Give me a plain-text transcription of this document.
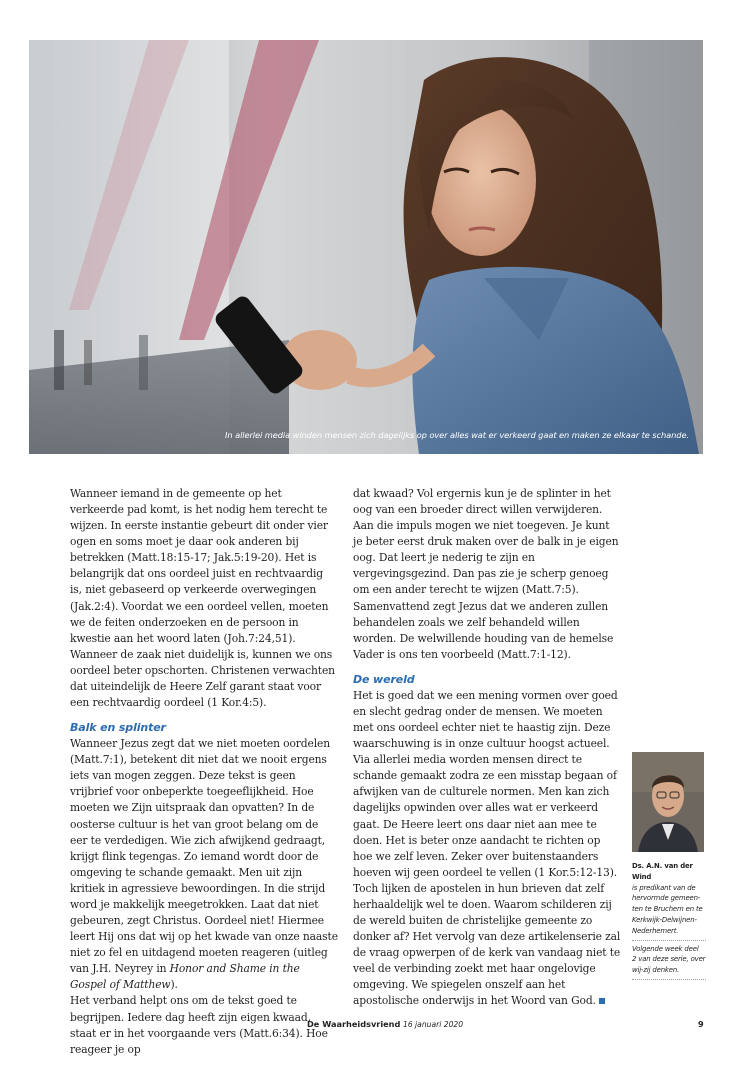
In allerlei media winden mensen zich dagelijks op over alles wat er verkeerd gaat en maken ze elkaar te schande.

Wanneer iemand in de gemeente op het verkeerde pad komt, is het nodig hem terecht te wijzen. In eerste instantie gebeurt dit onder vier ogen en soms moet je daar ook anderen bij betrekken (Matt.18:15-17; Jak.5:19-20). Het is belangrijk dat ons oordeel juist en rechtvaardig is, niet gebaseerd op verkeerde overwegingen (Jak.2:4). Voordat we een oordeel vellen, moeten we de feiten onderzoeken en de persoon in kwestie aan het woord laten (Joh.7:24,51). Wanneer de zaak niet duidelijk is, kunnen we ons oordeel beter opschorten. Christenen verwachten dat uiteindelijk de Heere Zelf garant staat voor een rechtvaardig oordeel (1 Kor.4:5).

Balk en splinter

Wanneer Jezus zegt dat we niet moeten oordelen (Matt.7:1), betekent dit niet dat we nooit ergens iets van mogen zeggen. Deze tekst is geen vrijbrief voor onbeperkte toegeeflijkheid. Hoe moeten we Zijn uitspraak dan opvatten? In de oosterse cultuur is het van groot belang om de eer te verdedigen. Wie zich afwijkend gedraagt, krijgt flink tegengas. Zo iemand wordt door de omgeving te schande gemaakt. Men uit zijn kritiek in agressieve bewoordingen. In die strijd word je makkelijk meegetrokken. Laat dat niet gebeuren, zegt Christus. Oordeel niet! Hiermee leert Hij ons dat wij op het kwade van onze naaste niet zo fel en uitdagend moeten reageren (uitleg van J.H. Neyrey in Honor and Shame in the Gospel of Matthew).

Het verband helpt ons om de tekst goed te begrijpen. Iedere dag heeft zijn eigen kwaad, staat er in het voorgaande vers (Matt.6:34). Hoe reageer je op

dat kwaad? Vol ergernis kun je de splinter in het oog van een broeder direct willen verwijderen. Aan die impuls mogen we niet toegeven. Je kunt je beter eerst druk maken over de balk in je eigen oog. Dat leert je nederig te zijn en vergevingsgezind. Dan pas zie je scherp genoeg om een ander terecht te wijzen (Matt.7:5). Samenvattend zegt Jezus dat we anderen zullen behandelen zoals we zelf behandeld willen worden. De welwillende houding van de hemelse Vader is ons ten voorbeeld (Matt.7:1-12).

De wereld

Het is goed dat we een mening vormen over goed en slecht gedrag onder de mensen. We moeten met ons oordeel echter niet te haastig zijn. Deze waarschuwing is in onze cultuur hoogst actueel. Via allerlei media worden mensen direct te schande gemaakt zodra ze een misstap begaan of afwijken van de culturele normen. Men kan zich dagelijks opwinden over alles wat er verkeerd gaat. De Heere leert ons daar niet aan mee te doen. Het is beter onze aandacht te richten op hoe we zelf leven. Zeker over buitenstaanders hoeven wij geen oordeel te vellen (1 Kor.5:12-13).

Toch lijken de apostelen in hun brieven dat zelf herhaaldelijk wel te doen. Waarom schilderen zij de wereld buiten de christelijke gemeente zo donker af? Het vervolg van deze artikelenserie zal de vraag opwerpen of de kerk van vandaag niet te veel de verbinding zoekt met haar ongelovige omgeving. We spiegelen onszelf aan het apostolische onderwijs in het Woord van God.

Ds. A.N. van der Wind
is predikant van de
hervormde gemeen-
ten te Bruchem en te
Kerkwijk-Delwijnen-
Nederhemert.
Volgende week deel
2 van deze serie, over
wij-zij denken.
De Waarheidsvriend 16 januari 2020	9
